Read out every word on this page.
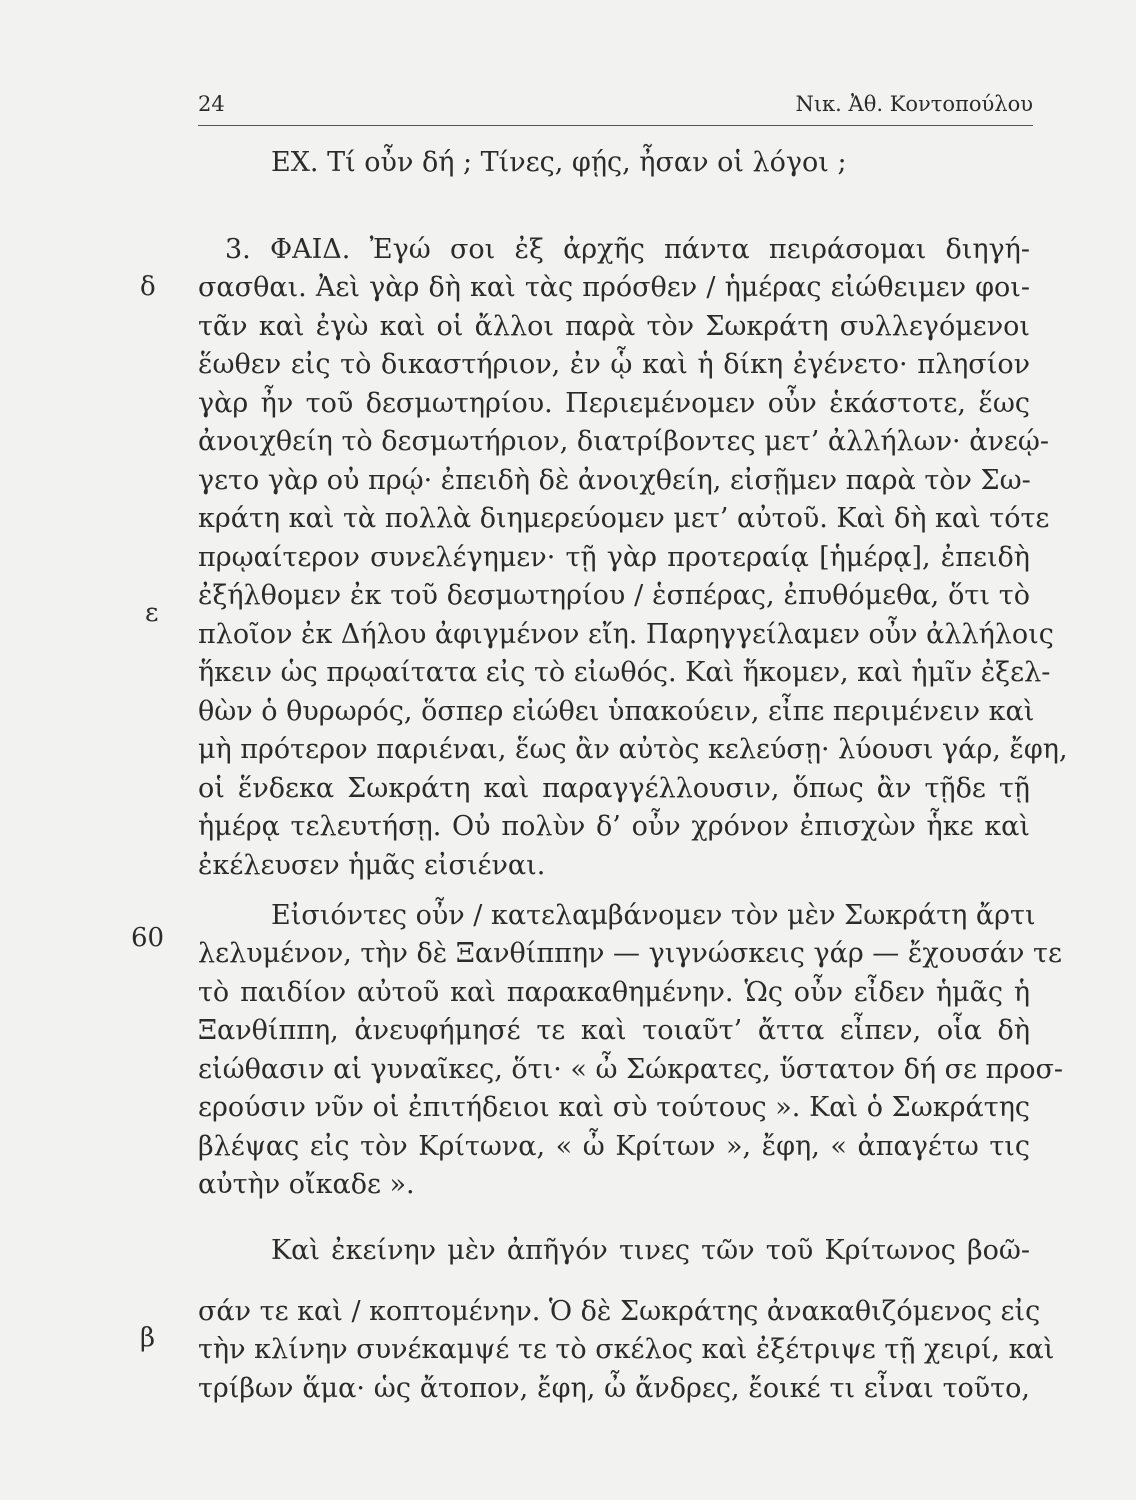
24	Νικ. Ἀθ. Κοντοπούλου
δ
ε
60
β
ΕΧ. Τί οὖν δή ; Τίνες, φῄς, ἦσαν οἱ λόγοι ;
3. ΦΑΙΔ. Ἐγώ σοι ἐξ ἀρχῆς πάντα πειράσομαι διηγή-
σασθαι. Ἀεὶ γὰρ δὴ καὶ τὰς πρόσθεν / ἡμέρας εἰώθειμεν φοι-
τᾶν καὶ ἐγὼ καὶ οἱ ἄλλοι παρὰ τὸν Σωκράτη συλλεγόμενοι
ἕωθεν εἰς τὸ δικαστήριον, ἐν ᾧ καὶ ἡ δίκη ἐγένετο· πλησίον
γὰρ ἦν τοῦ δεσμωτηρίου. Περιεμένομεν οὖν ἑκάστοτε, ἕως
ἀνοιχθείη τὸ δεσμωτήριον, διατρίβοντες μετ’ ἀλλήλων· ἀνεῴ-
γετο γὰρ οὐ πρῴ· ἐπειδὴ δὲ ἀνοιχθείη, εἰσῇμεν παρὰ τὸν Σω-
κράτη καὶ τὰ πολλὰ διημερεύομεν μετ’ αὐτοῦ. Καὶ δὴ καὶ τότε
πρῳαίτερον συνελέγημεν· τῇ γὰρ προτεραίᾳ [ἡμέρᾳ], ἐπειδὴ
ἐξήλθομεν ἐκ τοῦ δεσμωτηρίου / ἑσπέρας, ἐπυθόμεθα, ὅτι τὸ
πλοῖον ἐκ Δήλου ἀφιγμένον εἴη. Παρηγγείλαμεν οὖν ἀλλήλοις
ἥκειν ὡς πρῳαίτατα εἰς τὸ εἰωθός. Καὶ ἥκομεν, καὶ ἡμῖν ἐξελ-
θὼν ὁ θυρωρός, ὅσπερ εἰώθει ὑπακούειν, εἶπε περιμένειν καὶ
μὴ πρότερον παριέναι, ἕως ἂν αὐτὸς κελεύσῃ· λύουσι γάρ, ἔφη,
οἱ ἕνδεκα Σωκράτη καὶ παραγγέλλουσιν, ὅπως ἂν τῇδε τῇ
ἡμέρᾳ τελευτήσῃ. Οὐ πολὺν δ’ οὖν χρόνον ἐπισχὼν ἧκε καὶ
ἐκέλευσεν ἡμᾶς εἰσιέναι.
Εἰσιόντες οὖν / κατελαμβάνομεν τὸν μὲν Σωκράτη ἄρτι
λελυμένον, τὴν δὲ Ξανθίππην — γιγνώσκεις γάρ — ἔχουσάν τε
τὸ παιδίον αὐτοῦ καὶ παρακαθημένην. Ὡς οὖν εἶδεν ἡμᾶς ἡ
Ξανθίππη, ἀνευφήμησέ τε καὶ τοιαῦτ’ ἄττα εἶπεν, οἷα δὴ
εἰώθασιν αἱ γυναῖκες, ὅτι· « ὦ Σώκρατες, ὕστατον δή σε προσ-
ερούσιν νῦν οἱ ἐπιτήδειοι καὶ σὺ τούτους ». Καὶ ὁ Σωκράτης
βλέψας εἰς τὸν Κρίτωνα, « ὦ Κρίτων », ἔφη, « ἀπαγέτω τις
αὐτὴν οἴκαδε ».
Καὶ ἐκείνην μὲν ἀπῆγόν τινες τῶν τοῦ Κρίτωνος βοῶ-
σάν τε καὶ / κοπτομένην. Ὁ δὲ Σωκράτης ἀνακαθιζόμενος εἰς
τὴν κλίνην συνέκαμψέ τε τὸ σκέλος καὶ ἐξέτριψε τῇ χειρί, καὶ
τρίβων ἅμα· ὡς ἄτοπον, ἔφη, ὦ ἄνδρες, ἔοικέ τι εἶναι τοῦτο,
